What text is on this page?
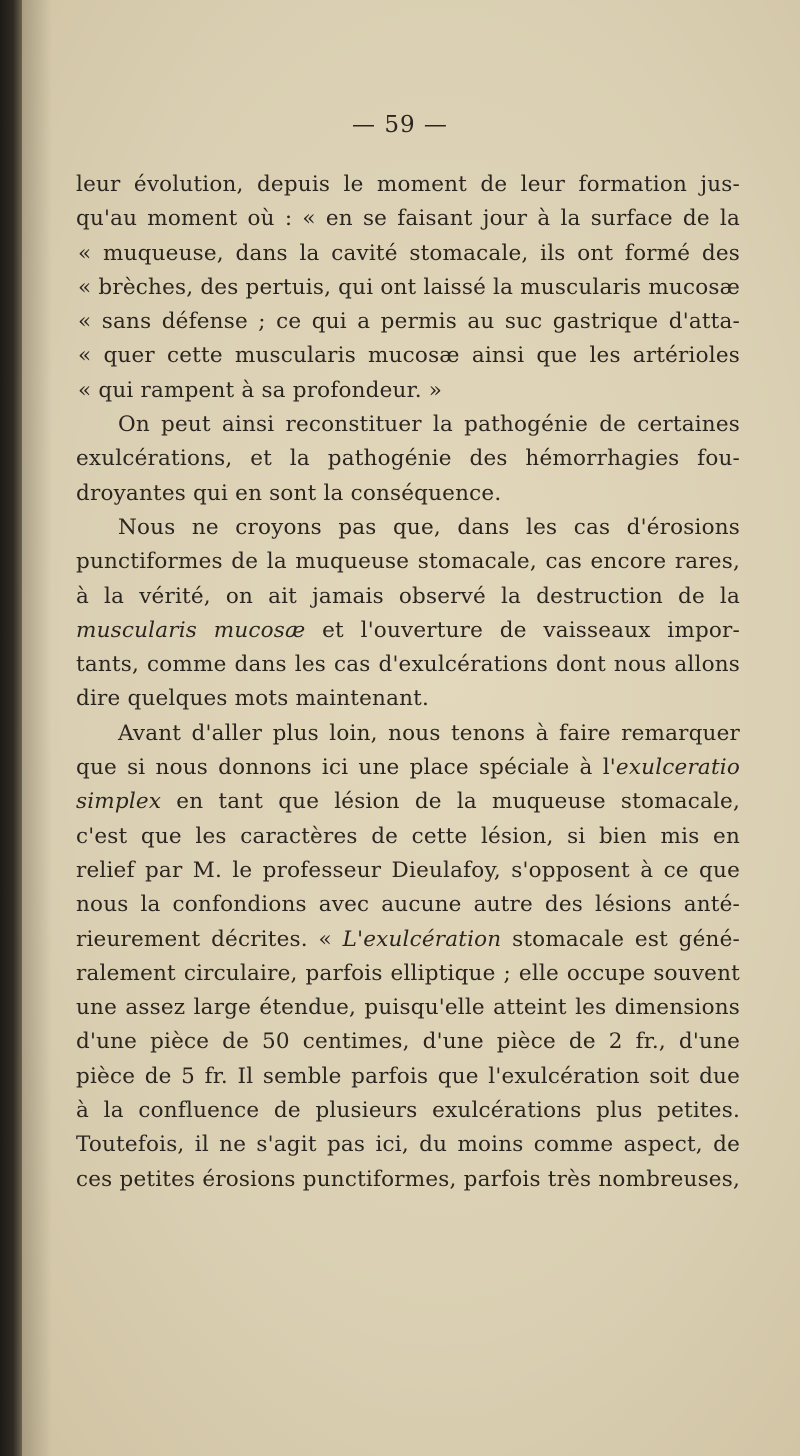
— 59 —
leur évolution, depuis le moment de leur formation jus-
qu'au moment où : « en se faisant jour à la surface de la
« muqueuse, dans la cavité stomacale, ils ont formé des
« brèches, des pertuis, qui ont laissé la muscularis mucosæ
« sans défense ; ce qui a permis au suc gastrique d'atta-
« quer cette muscularis mucosæ ainsi que les artérioles
« qui rampent à sa profondeur. »
On peut ainsi reconstituer la pathogénie de certaines
exulcérations, et la pathogénie des hémorrhagies fou-
droyantes qui en sont la conséquence.
Nous ne croyons pas que, dans les cas d'érosions
punctiformes de la muqueuse stomacale, cas encore rares,
à la vérité, on ait jamais observé la destruction de la
muscularis mucosæ et l'ouverture de vaisseaux impor-
tants, comme dans les cas d'exulcérations dont nous allons
dire quelques mots maintenant.
Avant d'aller plus loin, nous tenons à faire remarquer
que si nous donnons ici une place spéciale à l'exulceratio
simplex en tant que lésion de la muqueuse stomacale,
c'est que les caractères de cette lésion, si bien mis en
relief par M. le professeur Dieulafoy, s'opposent à ce que
nous la confondions avec aucune autre des lésions anté-
rieurement décrites. « L'exulcération stomacale est géné-
ralement circulaire, parfois elliptique ; elle occupe souvent
une assez large étendue, puisqu'elle atteint les dimensions
d'une pièce de 50 centimes, d'une pièce de 2 fr., d'une
pièce de 5 fr. Il semble parfois que l'exulcération soit due
à la confluence de plusieurs exulcérations plus petites.
Toutefois, il ne s'agit pas ici, du moins comme aspect, de
ces petites érosions punctiformes, parfois très nombreuses,
